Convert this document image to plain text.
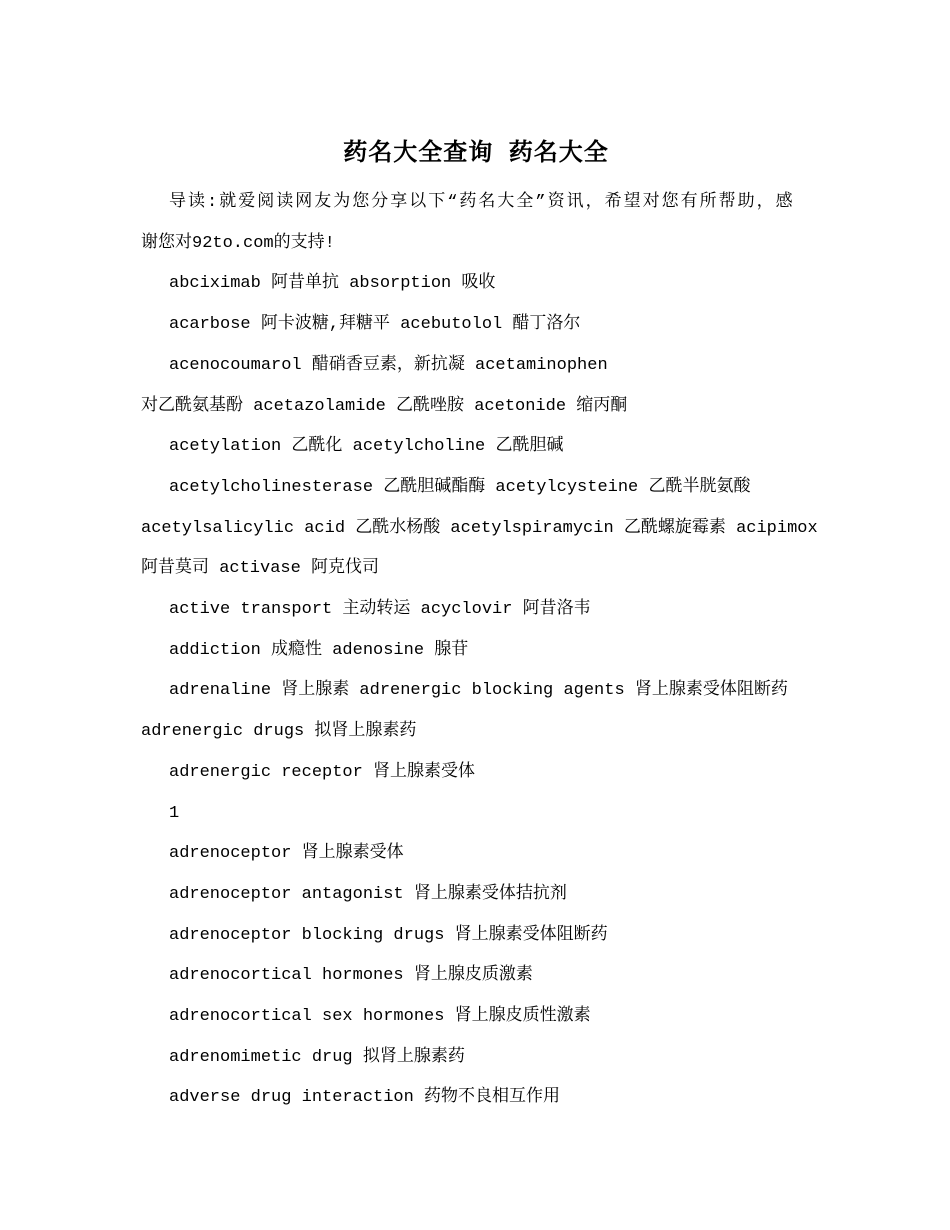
药名大全查询 药名大全
导读:就爱阅读网友为您分享以下“药名大全”资讯，希望对您有所帮助，感
谢您对92to.com的支持!
abciximab 阿昔单抗 absorption 吸收
acarbose 阿卡波糖,拜糖平 acebutolol 醋丁洛尔
acenocoumarol 醋硝香豆素，新抗凝 acetaminophen
对乙酰氨基酚 acetazolamide 乙酰唑胺 acetonide 缩丙酮
acetylation 乙酰化 acetylcholine 乙酰胆碱
acetylcholinesterase 乙酰胆碱酯酶 acetylcysteine 乙酰半胱氨酸
acetylsalicylic acid 乙酰水杨酸 acetylspiramycin 乙酰螺旋霉素 acipimox
阿昔莫司 activase 阿克伐司
active transport 主动转运 acyclovir 阿昔洛韦
addiction 成瘾性 adenosine 腺苷
adrenaline 肾上腺素 adrenergic blocking agents 肾上腺素受体阻断药
adrenergic drugs 拟肾上腺素药
adrenergic receptor 肾上腺素受体
1
adrenoceptor 肾上腺素受体
adrenoceptor antagonist 肾上腺素受体拮抗剂
adrenoceptor blocking drugs 肾上腺素受体阻断药
adrenocortical hormones 肾上腺皮质激素
adrenocortical sex hormones 肾上腺皮质性激素
adrenomimetic drug 拟肾上腺素药
adverse drug interaction 药物不良相互作用
